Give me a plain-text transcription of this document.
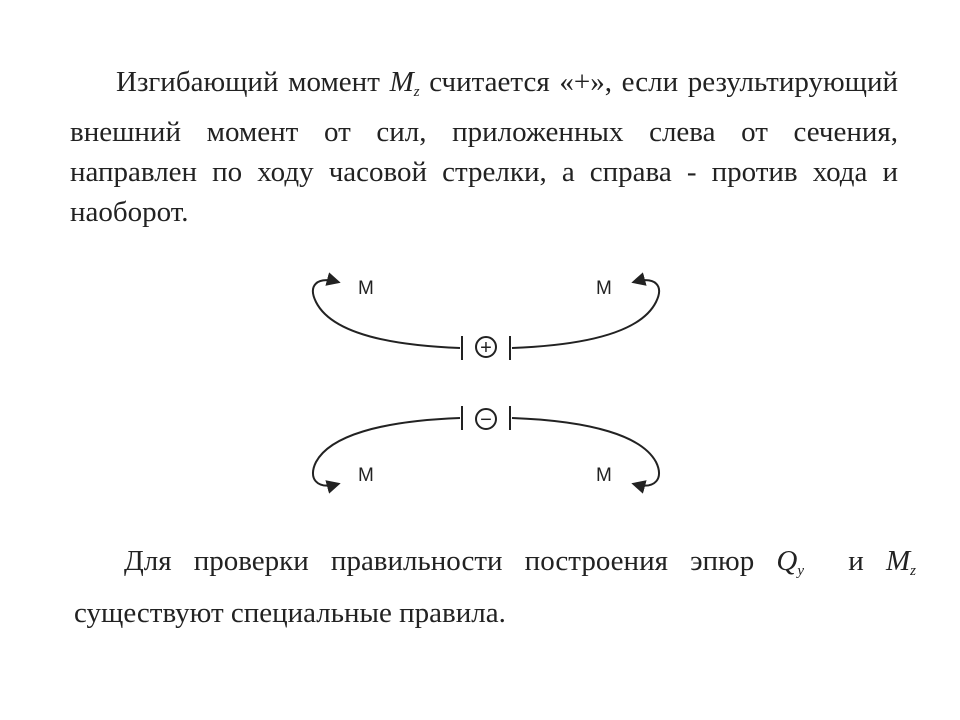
Изгибающий момент $M_z$ считается «+», если результирующий внешний момент от сил, приложенных слева от сечения, направлен по ходу часовой стрелки, а справа - против хода и наоборот.
+
−
M	M
M	M
Для проверки правильности построения эпюр $Q_y$  и $M_z$ существуют специальные правила.
